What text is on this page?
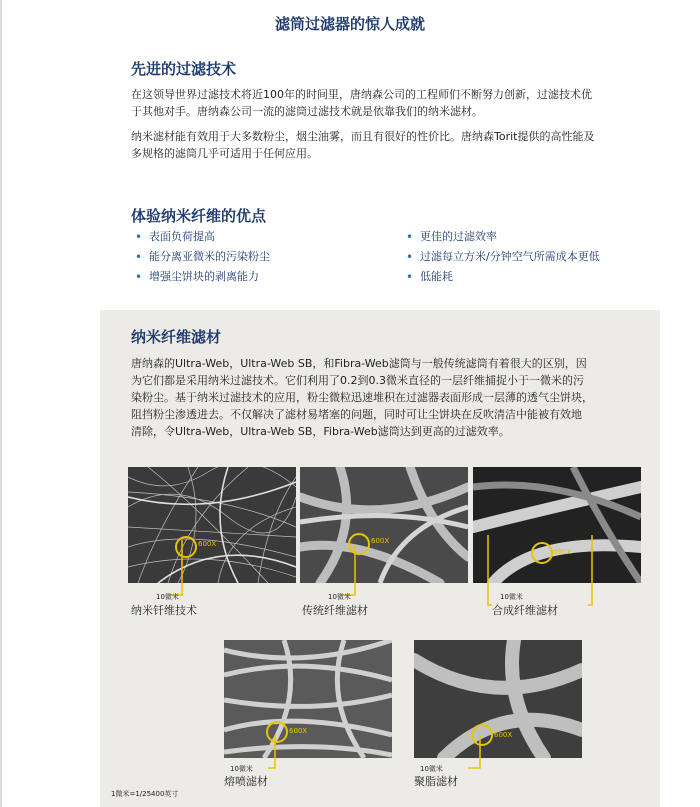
滤筒过滤器的惊人成就
先进的过滤技术
在这领导世界过滤技术将近100年的时间里，唐纳森公司的工程师们不断努力创新，过滤技术优
于其他对手。唐纳森公司一流的滤筒过滤技术就是依靠我们的纳米滤材。
纳米滤材能有效用于大多数粉尘，烟尘油雾，而且有很好的性价比。唐纳森Torit提供的高性能及
多规格的滤筒几乎可适用于任何应用。
体验纳米纤维的优点
• 表面负荷提高
• 能分离亚微米的污染粉尘
• 增强尘饼块的剥离能力
• 更佳的过滤效率
• 过滤每立方米/分钟空气所需成本更低
• 低能耗
纳米纤维滤材
唐纳森的Ultra-Web，Ultra-Web SB，和Fibra-Web滤筒与一般传统滤筒有着很大的区别，因
为它们都是采用纳米过滤技术。它们利用了0.2到0.3微米直径的一层纤维捕捉小于一微米的污
染粉尘。基于纳米过滤技术的应用，粉尘微粒迅速堆积在过滤器表面形成一层薄的透气尘饼块，
阻挡粉尘渗透进去。不仅解决了滤材易堵塞的问题，同时可让尘饼块在反吹清洁中能被有效地
清除，令Ultra-Web，Ultra-Web SB，Fibra-Web滤筒达到更高的过滤效率。
600X	600X
600X
10微米	10微米	10微米
纳米钎维技术	传统纤维滤材	合成纤维滤材
600X	600X
10微米	10微米
熔喷滤材	聚脂滤材
1微米=1/25400英寸
